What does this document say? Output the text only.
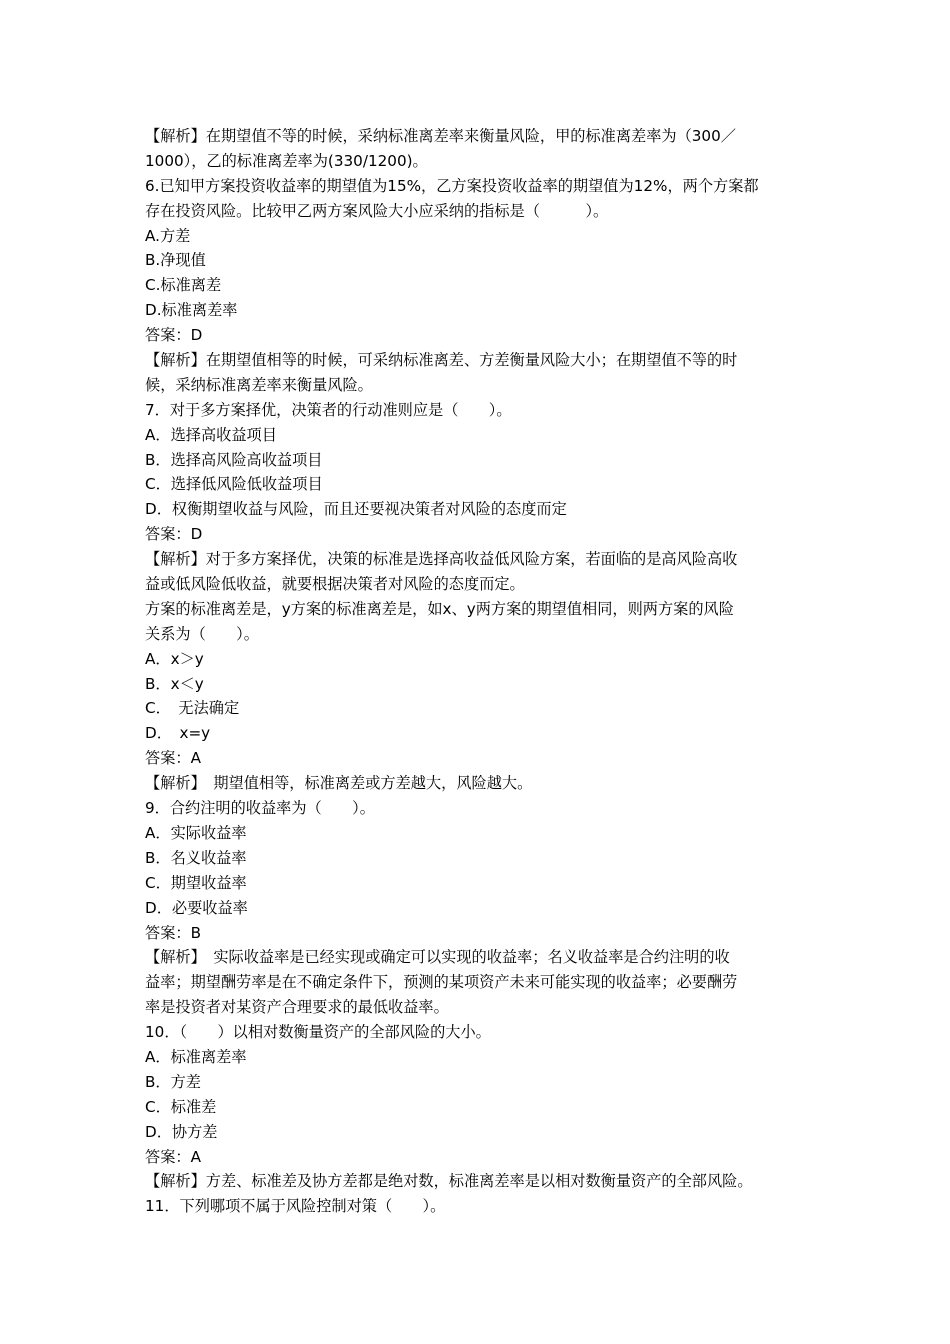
【解析】在期望值不等的时候，采纳标准离差率来衡量风险，甲的标准离差率为（300／
1000），乙的标准离差率为(330/1200)。
6.已知甲方案投资收益率的期望值为15%，乙方案投资收益率的期望值为12%，两个方案都
存在投资风险。比较甲乙两方案风险大小应采纳的指标是（　　　）。
A.方差
B.净现值
C.标准离差
D.标准离差率
答案：D
【解析】在期望值相等的时候，可采纳标准离差、方差衡量风险大小；在期望值不等的时
候，采纳标准离差率来衡量风险。
7．对于多方案择优，决策者的行动准则应是（　　）。
A．选择高收益项目
B．选择高风险高收益项目
C．选择低风险低收益项目
D．权衡期望收益与风险，而且还要视决策者对风险的态度而定
答案：D
【解析】对于多方案择优，决策的标准是选择高收益低风险方案，若面临的是高风险高收
益或低风险低收益，就要根据决策者对风险的态度而定。
方案的标准离差是，y方案的标准离差是，如x、y两方案的期望值相同，则两方案的风险
关系为（　　）。
A．x＞y
B．x＜y
C．　无法确定
D．　x=y
答案：A
【解析】　期望值相等，标准离差或方差越大，风险越大。
9．合约注明的收益率为（　　）。
A．实际收益率
B．名义收益率
C．期望收益率
D．必要收益率
答案：B
【解析】　实际收益率是已经实现或确定可以实现的收益率；名义收益率是合约注明的收
益率；期望酬劳率是在不确定条件下，预测的某项资产未来可能实现的收益率；必要酬劳
率是投资者对某资产合理要求的最低收益率。
10．（　　）以相对数衡量资产的全部风险的大小。
A．标准离差率
B．方差
C．标准差
D．协方差
答案：A
【解析】方差、标准差及协方差都是绝对数，标准离差率是以相对数衡量资产的全部风险。
11．下列哪项不属于风险控制对策（　　）。
